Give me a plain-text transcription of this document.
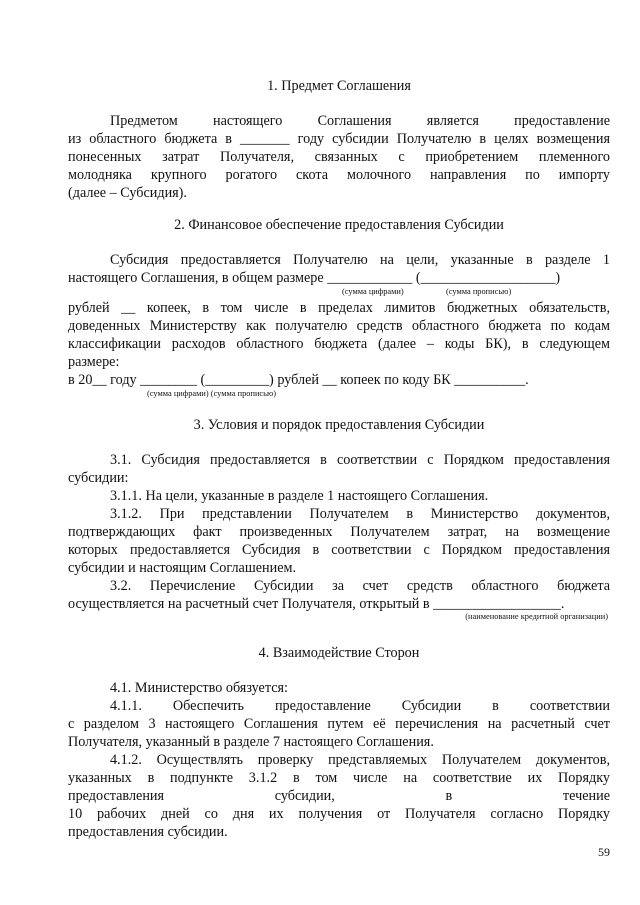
1. Предмет Соглашения
Предметом настоящего Соглашения является предоставление
из областного бюджета в _______ году субсидии Получателю в целях возмещения
понесенных затрат Получателя, связанных с приобретением племенного
молодняка крупного рогатого скота молочного направления по импорту
(далее – Субсидия).
2. Финансовое обеспечение предоставления Субсидии
Субсидия предоставляется Получателю на цели, указанные в разделе 1
настоящего Соглашения, в общем размере ____________ (___________________)
(сумма цифрами)	(сумма прописью)
рублей __ копеек, в том числе в пределах лимитов бюджетных обязательств,
доведенных Министерству как получателю средств областного бюджета по кодам
классификации расходов областного бюджета (далее – коды БК), в следующем
размере:
в 20__ году ________ (_________) рублей __ копеек по коду БК __________.
(сумма цифрами) (сумма прописью)
3. Условия и порядок предоставления Субсидии
3.1. Субсидия предоставляется в соответствии с Порядком предоставления
субсидии:
3.1.1. На цели, указанные в разделе 1 настоящего Соглашения.
3.1.2. При представлении Получателем в Министерство документов,
подтверждающих факт произведенных Получателем затрат, на возмещение
которых предоставляется Субсидия в соответствии с Порядком предоставления
субсидии и настоящим Соглашением.
3.2. Перечисление Субсидии за счет средств областного бюджета
осуществляется на расчетный счет Получателя, открытый в __________________.
(наименование кредитной организации)
4. Взаимодействие Сторон
4.1. Министерство обязуется:
4.1.1. Обеспечить предоставление Субсидии в соответствии
с разделом 3 настоящего Соглашения путем её перечисления на расчетный счет
Получателя, указанный в разделе 7 настоящего Соглашения.
4.1.2. Осуществлять проверку представляемых Получателем документов,
указанных в подпункте 3.1.2 в том числе на соответствие их Порядку
предоставления субсидии, в течение
10 рабочих дней со дня их получения от Получателя согласно Порядку
предоставления субсидии.
59
